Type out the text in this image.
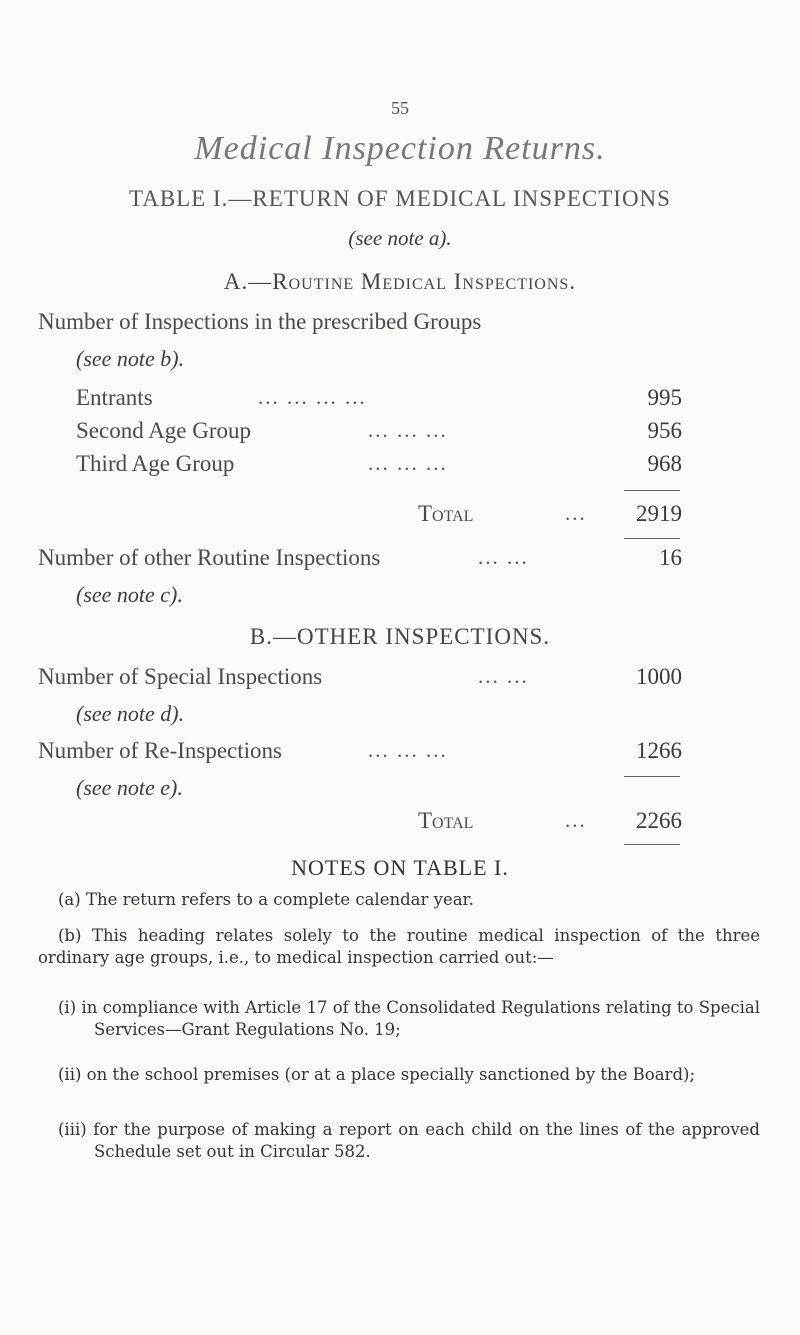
55
Medical Inspection Returns.
TABLE I.—RETURN OF MEDICAL INSPECTIONS
(see note a).
A.—Routine Medical Inspections.
Number of Inspections in the prescribed Groups
(see note b).
Entrants	... ... ... ...	995
Second Age Group	... ... ...	956
Third Age Group	... ... ...	968
Total	...	2919
Number of other Routine Inspections	... ...	16
(see note c).
B.—OTHER INSPECTIONS.
Number of Special Inspections	... ...	1000
(see note d).
Number of Re-Inspections	... ... ...	1266
(see note e).
Total	...	2266
NOTES ON TABLE I.
(a) The return refers to a complete calendar year.
(b) This heading relates solely to the routine medical inspection of the three ordinary age groups, i.e., to medical inspection carried out:—
(i) in compliance with Article 17 of the Consolidated Regulations relating to Special Services—Grant Regulations No. 19;
(ii) on the school premises (or at a place specially sanctioned by the Board);
(iii) for the purpose of making a report on each child on the lines of the approved Schedule set out in Circular 582.
